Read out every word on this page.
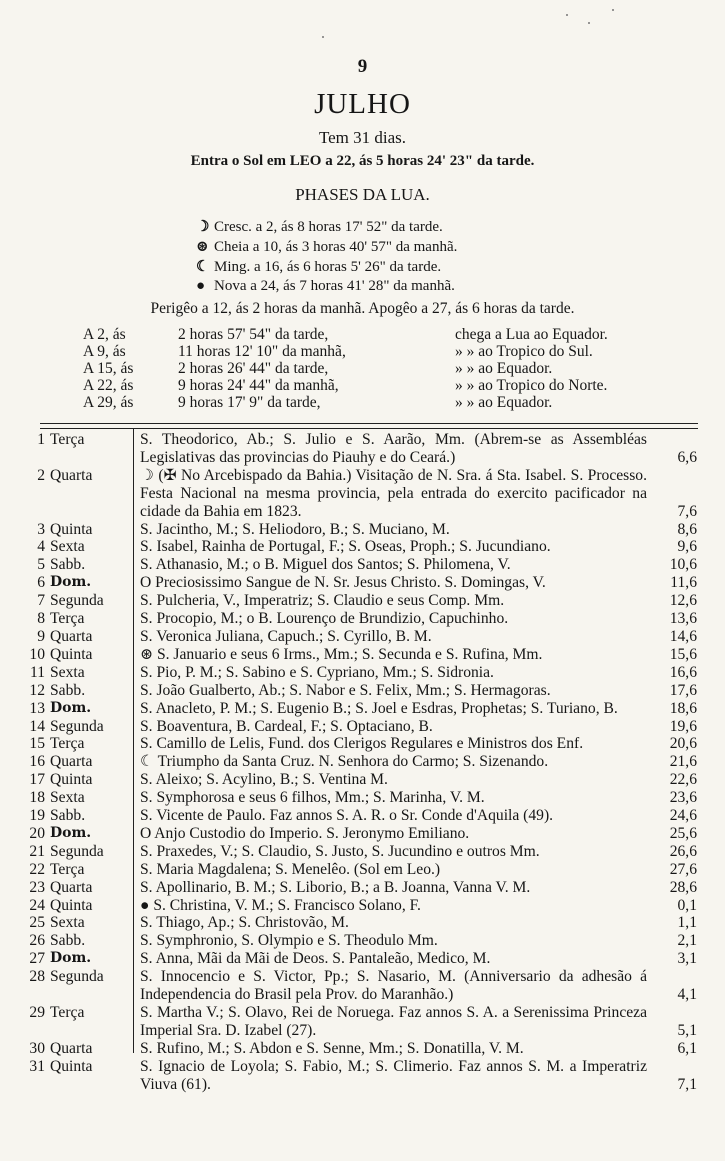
9
JULHO
Tem 31 dias.
Entra o Sol em LEO a 22, ás 5 horas 24' 23" da tarde.
PHASES DA LUA.
☽ Cresc. a 2, ás 8 horas 17' 52" da tarde.
⊛ Cheia a 10, ás 3 horas 40' 57" da manhã.
☾ Ming. a 16, ás 6 horas 5' 26" da tarde.
● Nova a 24, ás 7 horas 41' 28" da manhã.
Perigêo a 12, ás 2 horas da manhã. Apogêo a 27, ás 6 horas da tarde.
A 2, ás	2 horas 57' 54" da tarde,	chega a Lua ao Equador.
A 9, ás	11 horas 12' 10" da manhã,	» » ao Tropico do Sul.
A 15, ás	2 horas 26' 44" da tarde,	» » ao Equador.
A 22, ás	9 horas 24' 44" da manhã,	» » ao Tropico do Norte.
A 29, ás	9 horas 17' 9" da tarde,	» » ao Equador.
1 Terça	S. Theodorico, Ab.; S. Julio e S. Aarão, Mm. (Abrem-se as Assembléas Legislativas das provincias do Piauhy e do Ceará.)	6,6
2 Quarta	☽ (✠ No Arcebispado da Bahia.) Visitação de N. Sra. á Sta. Isabel. S. Processo. Festa Nacional na mesma provincia, pela entrada do exercito pacificador na cidade da Bahia em 1823.	7,6
3 Quinta	S. Jacintho, M.; S. Heliodoro, B.; S. Muciano, M.	8,6
4 Sexta	S. Isabel, Rainha de Portugal, F.; S. Oseas, Proph.; S. Jucundiano.	9,6
5 Sabb.	S. Athanasio, M.; o B. Miguel dos Santos; S. Philomena, V.	10,6
6 Dom.	O Preciosissimo Sangue de N. Sr. Jesus Christo. S. Domingas, V.	11,6
7 Segunda	S. Pulcheria, V., Imperatriz; S. Claudio e seus Comp. Mm.	12,6
8 Terça	S. Procopio, M.; o B. Lourenço de Brundizio, Capuchinho.	13,6
9 Quarta	S. Veronica Juliana, Capuch.; S. Cyrillo, B. M.	14,6
10 Quinta	⊛ S. Januario e seus 6 Irms., Mm.; S. Secunda e S. Rufina, Mm.	15,6
11 Sexta	S. Pio, P. M.; S. Sabino e S. Cypriano, Mm.; S. Sidronia.	16,6
12 Sabb.	S. João Gualberto, Ab.; S. Nabor e S. Felix, Mm.; S. Hermagoras.	17,6
13 Dom.	S. Anacleto, P. M.; S. Eugenio B.; S. Joel e Esdras, Prophetas; S. Turiano, B.	18,6
14 Segunda	S. Boaventura, B. Cardeal, F.; S. Optaciano, B.	19,6
15 Terça	S. Camillo de Lelis, Fund. dos Clerigos Regulares e Ministros dos Enf.	20,6
16 Quarta	☾ Triumpho da Santa Cruz. N. Senhora do Carmo; S. Sizenando.	21,6
17 Quinta	S. Aleixo; S. Acylino, B.; S. Ventina M.	22,6
18 Sexta	S. Symphorosa e seus 6 filhos, Mm.; S. Marinha, V. M.	23,6
19 Sabb.	S. Vicente de Paulo. Faz annos S. A. R. o Sr. Conde d'Aquila (49).	24,6
20 Dom.	O Anjo Custodio do Imperio. S. Jeronymo Emiliano.	25,6
21 Segunda	S. Praxedes, V.; S. Claudio, S. Justo, S. Jucundino e outros Mm.	26,6
22 Terça	S. Maria Magdalena; S. Menelêo. (Sol em Leo.)	27,6
23 Quarta	S. Apollinario, B. M.; S. Liborio, B.; a B. Joanna, Vanna V. M.	28,6
24 Quinta	● S. Christina, V. M.; S. Francisco Solano, F.	0,1
25 Sexta	S. Thiago, Ap.; S. Christovão, M.	1,1
26 Sabb.	S. Symphronio, S. Olympio e S. Theodulo Mm.	2,1
27 Dom.	S. Anna, Mãi da Mãi de Deos. S. Pantaleão, Medico, M.	3,1
28 Segunda	S. Innocencio e S. Victor, Pp.; S. Nasario, M. (Anniversario da adhesão á Independencia do Brasil pela Prov. do Maranhão.)	4,1
29 Terça	S. Martha V.; S. Olavo, Rei de Noruega. Faz annos S. A. a Serenissima Princeza Imperial Sra. D. Izabel (27).	5,1
30 Quarta	S. Rufino, M.; S. Abdon e S. Senne, Mm.; S. Donatilla, V. M.	6,1
31 Quinta	S. Ignacio de Loyola; S. Fabio, M.; S. Climerio. Faz annos S. M. a Imperatriz Viuva (61).	7,1
